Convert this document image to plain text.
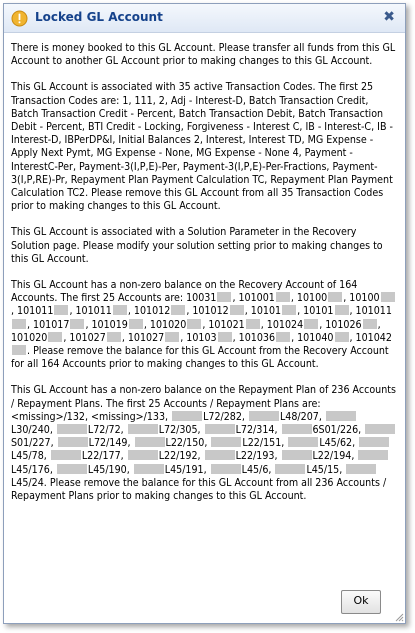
Locked GL Account	✖

There is money booked to this GL Account. Please transfer all funds from this GL Account to another GL Account prior to making changes to this GL Account.

This GL Account is associated with 35 active Transaction Codes. The first 25 Transaction Codes are: 1, 111, 2, Adj - Interest-D, Batch Transaction Credit, Batch Transaction Credit - Percent, Batch Transaction Debit, Batch Transaction Debit - Percent, BTI Credit - Locking, Forgiveness - Interest C, IB - Interest-C, IB - Interest-D, IBPerDP&I, Initial Balances 2, Interest, Interest TD, MG Expense - Apply Next Pymt, MG Expense - None, MG Expense - None 4, Payment - InterestC-Per, Payment-3(I,P,E)-Per, Payment-3(I,P,E)-Per-Fractions, Payment-3(I,P,RE)-Pr, Repayment Plan Payment Calculation TC, Repayment Plan Payment Calculation TC2. Please remove this GL Account from all 35 Transaction Codes prior to making changes to this GL Account.

This GL Account is associated with a Solution Parameter in the Recovery Solution page. Please modify your solution setting prior to making changes to this GL Account.

This GL Account has a non-zero balance on the Recovery Account of 164 Accounts. The first 25 Accounts are: 10031 , 101001 , 10100 , 10100, 101011 , 101011 , 101012 , 101012 , 10101 , 10101 , 101011, 101017 , 101019 , 101020 , 101021 , 101024 , 101026 , 101020 , 101027 , 101027 , 10103 , 101036 , 101040 , 101042. Please remove the balance for this GL Account from the Recovery Account for all 164 Accounts prior to making changes to this GL Account.

This GL Account has a non-zero balance on the Repayment Plan of 236 Accounts / Repayment Plans. The first 25 Accounts / Repayment Plans are: <missing>/132, <missing>/133,	L72/282,	L48/207, L30/240,	L72/72,	L72/305,	L72/314,	6S01/226, S01/227,	L72/149,	L22/150,	L22/151,	L45/62, L45/78,	L22/177,	L22/192,	L22/193,	L22/194, L45/176,	L45/190,	L45/191,	L45/6,	L45/15, L45/24. Please remove the balance for this GL Account from all 236 Accounts / Repayment Plans prior to making changes to this GL Account.

Ok
